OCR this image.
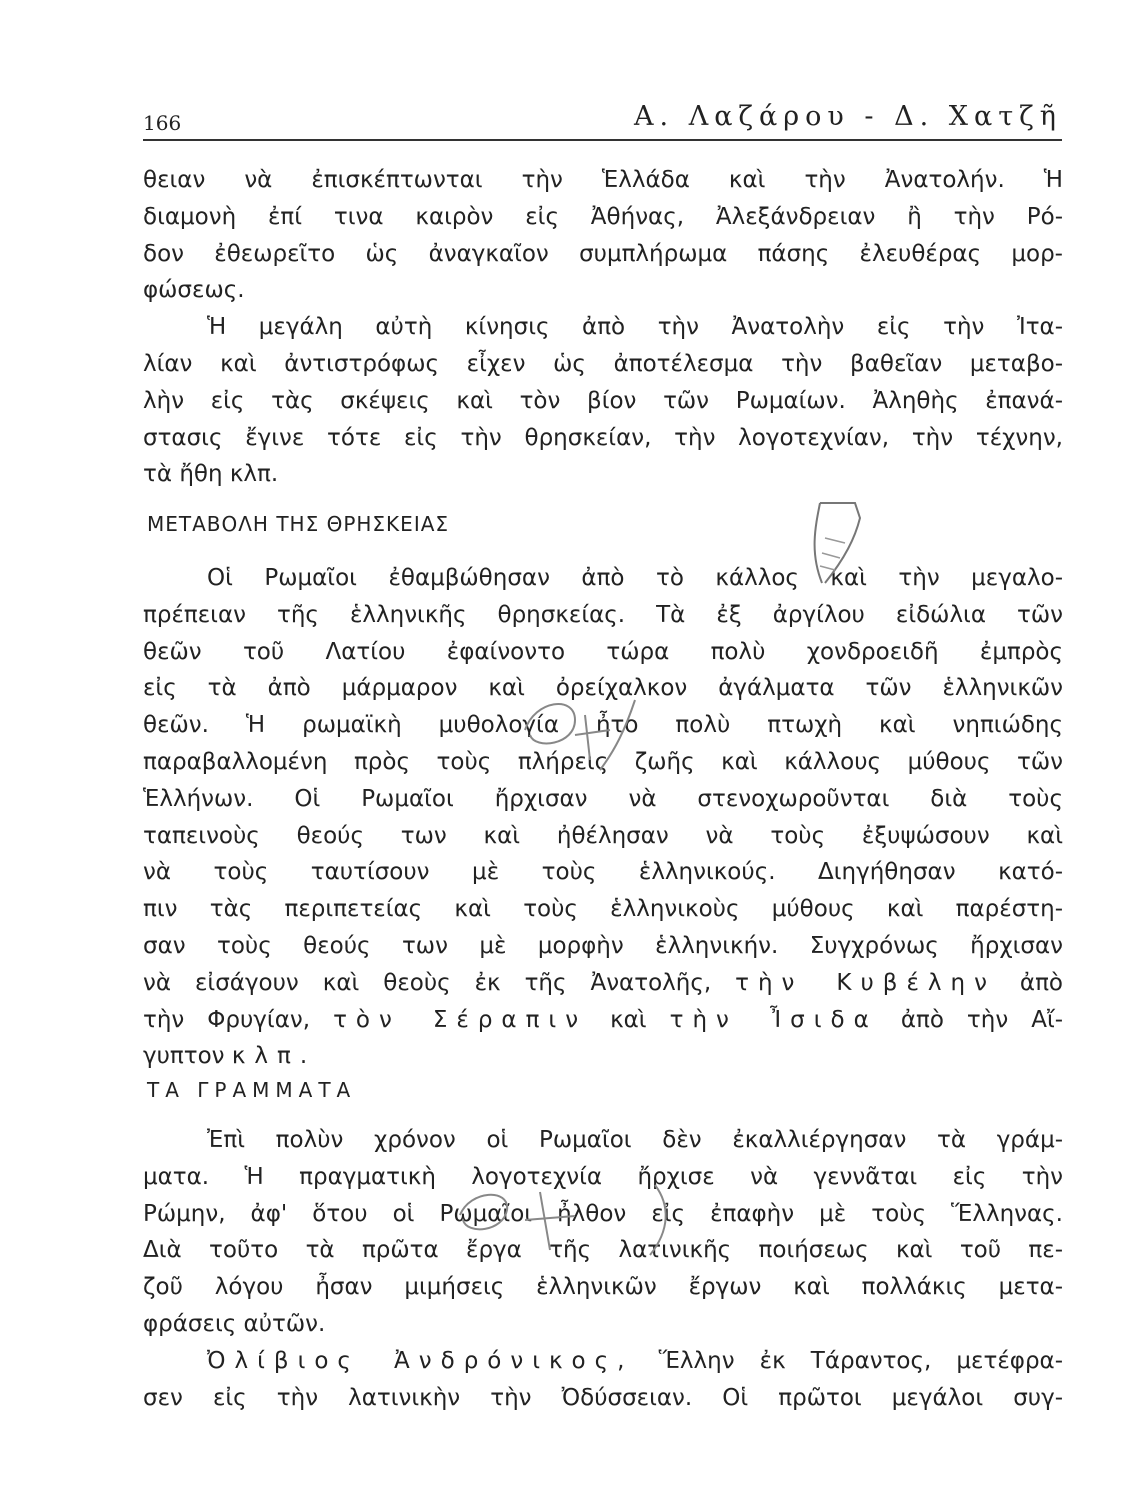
166	Α. Λαζάρου - Δ. Χατζῆ
θειαν νὰ ἐπισκέπτωνται τὴν Ἑλλάδα καὶ τὴν Ἀνατολήν. Ἡ
διαμονὴ ἐπί τινα καιρὸν εἰς Ἀθήνας, Ἀλεξάνδρειαν ἢ τὴν Ρό-
δον ἐθεωρεῖτο ὡς ἀναγκαῖον συμπλήρωμα πάσης ἐλευθέρας μορ-
φώσεως.
Ἡ μεγάλη αὐτὴ κίνησις ἀπὸ τὴν Ἀνατολὴν εἰς τὴν Ἰτα-
λίαν καὶ ἀντιστρόφως εἶχεν ὡς ἀποτέλεσμα τὴν βαθεῖαν μεταβο-
λὴν εἰς τὰς σκέψεις καὶ τὸν βίον τῶν Ρωμαίων. Ἀληθὴς ἐπανά-
στασις ἔγινε τότε εἰς τὴν θρησκείαν, τὴν λογοτεχνίαν, τὴν τέχνην,
τὰ ἤθη κλπ.
ΜΕΤΑΒΟΛΗ ΤΗΣ ΘΡΗΣΚΕΙΑΣ
Οἱ Ρωμαῖοι ἐθαμβώθησαν ἀπὸ τὸ κάλλος καὶ τὴν μεγαλο-
πρέπειαν τῆς ἑλληνικῆς θρησκείας. Τὰ ἐξ ἀργίλου εἰδώλια τῶν
θεῶν τοῦ Λατίου ἐφαίνοντο τώρα πολὺ χονδροειδῆ ἐμπρὸς
εἰς τὰ ἀπὸ μάρμαρον καὶ ὀρείχαλκον ἀγάλματα τῶν ἑλληνικῶν
θεῶν. Ἡ ρωμαϊκὴ μυθολογία ἦτο πολὺ πτωχὴ καὶ νηπιώδης
παραβαλλομένη πρὸς τοὺς πλήρεις ζωῆς καὶ κάλλους μύθους τῶν
Ἑλλήνων. Οἱ Ρωμαῖοι ἤρχισαν νὰ στενοχωροῦνται διὰ τοὺς
ταπεινοὺς θεούς των καὶ ἠθέλησαν νὰ τοὺς ἐξυψώσουν καὶ
νὰ τοὺς ταυτίσουν μὲ τοὺς ἑλληνικούς. Διηγήθησαν κατό-
πιν τὰς περιπετείας καὶ τοὺς ἑλληνικοὺς μύθους καὶ παρέστη-
σαν τοὺς θεούς των μὲ μορφὴν ἑλληνικήν. Συγχρόνως ἤρχισαν
νὰ εἰσάγουν καὶ θεοὺς ἐκ τῆς Ἀνατολῆς, τὴν Κυβέλην ἀπὸ
τὴν Φρυγίαν, τὸν Σέραπιν καὶ τὴν Ἶσιδα ἀπὸ τὴν Αἴ-
γυπτον κλπ.
ΤΑ ΓΡΑΜΜΑΤΑ
Ἐπὶ πολὺν χρόνον οἱ Ρωμαῖοι δὲν ἐκαλλιέργησαν τὰ γράμ-
ματα. Ἡ πραγματικὴ λογοτεχνία ἤρχισε νὰ γεννᾶται εἰς τὴν
Ρώμην, ἀφ' ὅτου οἱ Ρωμαῖοι ἦλθον εἰς ἐπαφὴν μὲ τοὺς Ἕλληνας.
Διὰ τοῦτο τὰ πρῶτα ἔργα τῆς λατινικῆς ποιήσεως καὶ τοῦ πε-
ζοῦ λόγου ἦσαν μιμήσεις ἑλληνικῶν ἔργων καὶ πολλάκις μετα-
φράσεις αὐτῶν.
Ὀλίβιος Ἀνδρόνικος, Ἕλλην ἐκ Τάραντος, μετέφρα-
σεν εἰς τὴν λατινικὴν τὴν Ὀδύσσειαν. Οἱ πρῶτοι μεγάλοι συγ-
